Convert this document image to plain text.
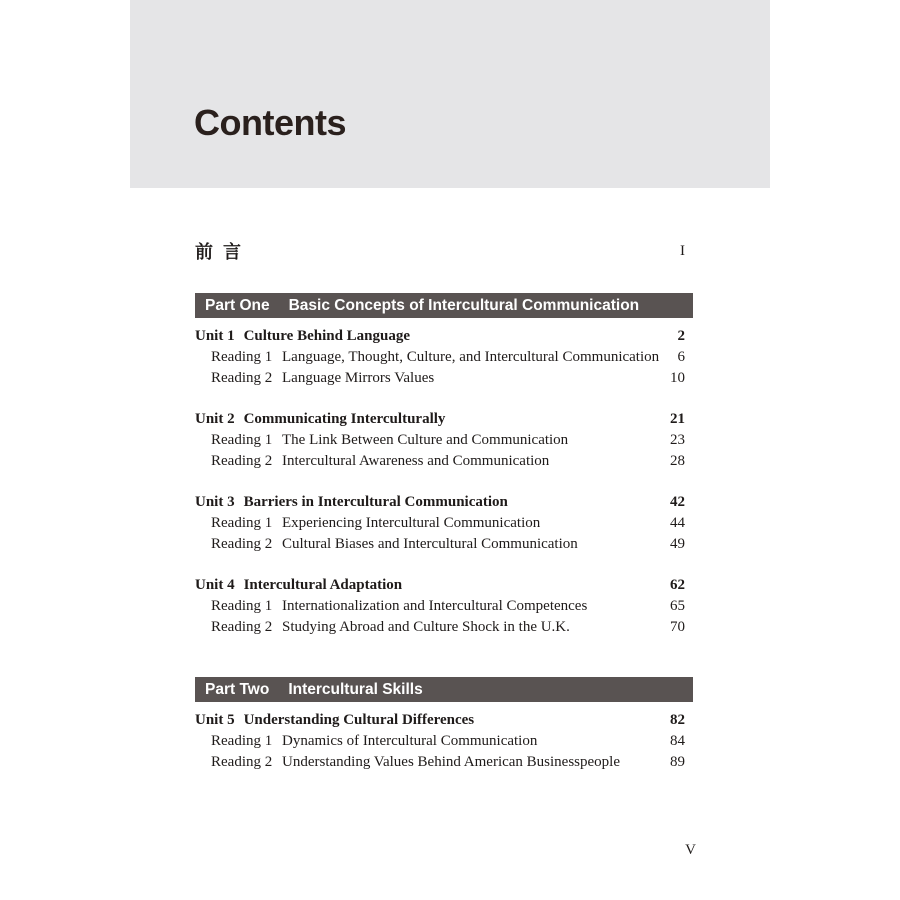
Contents
前 言	I
Part One Basic Concepts of Intercultural Communication
Unit 1 Culture Behind Language	2
Reading 1 Language, Thought, Culture, and Intercultural Communication	6
Reading 2 Language Mirrors Values	10
Unit 2 Communicating Interculturally	21
Reading 1 The Link Between Culture and Communication	23
Reading 2 Intercultural Awareness and Communication	28
Unit 3 Barriers in Intercultural Communication	42
Reading 1 Experiencing Intercultural Communication	44
Reading 2 Cultural Biases and Intercultural Communication	49
Unit 4 Intercultural Adaptation	62
Reading 1 Internationalization and Intercultural Competences	65
Reading 2 Studying Abroad and Culture Shock in the U.K.	70
Part Two Intercultural Skills
Unit 5 Understanding Cultural Differences	82
Reading 1 Dynamics of Intercultural Communication	84
Reading 2 Understanding Values Behind American Businesspeople	89
V
